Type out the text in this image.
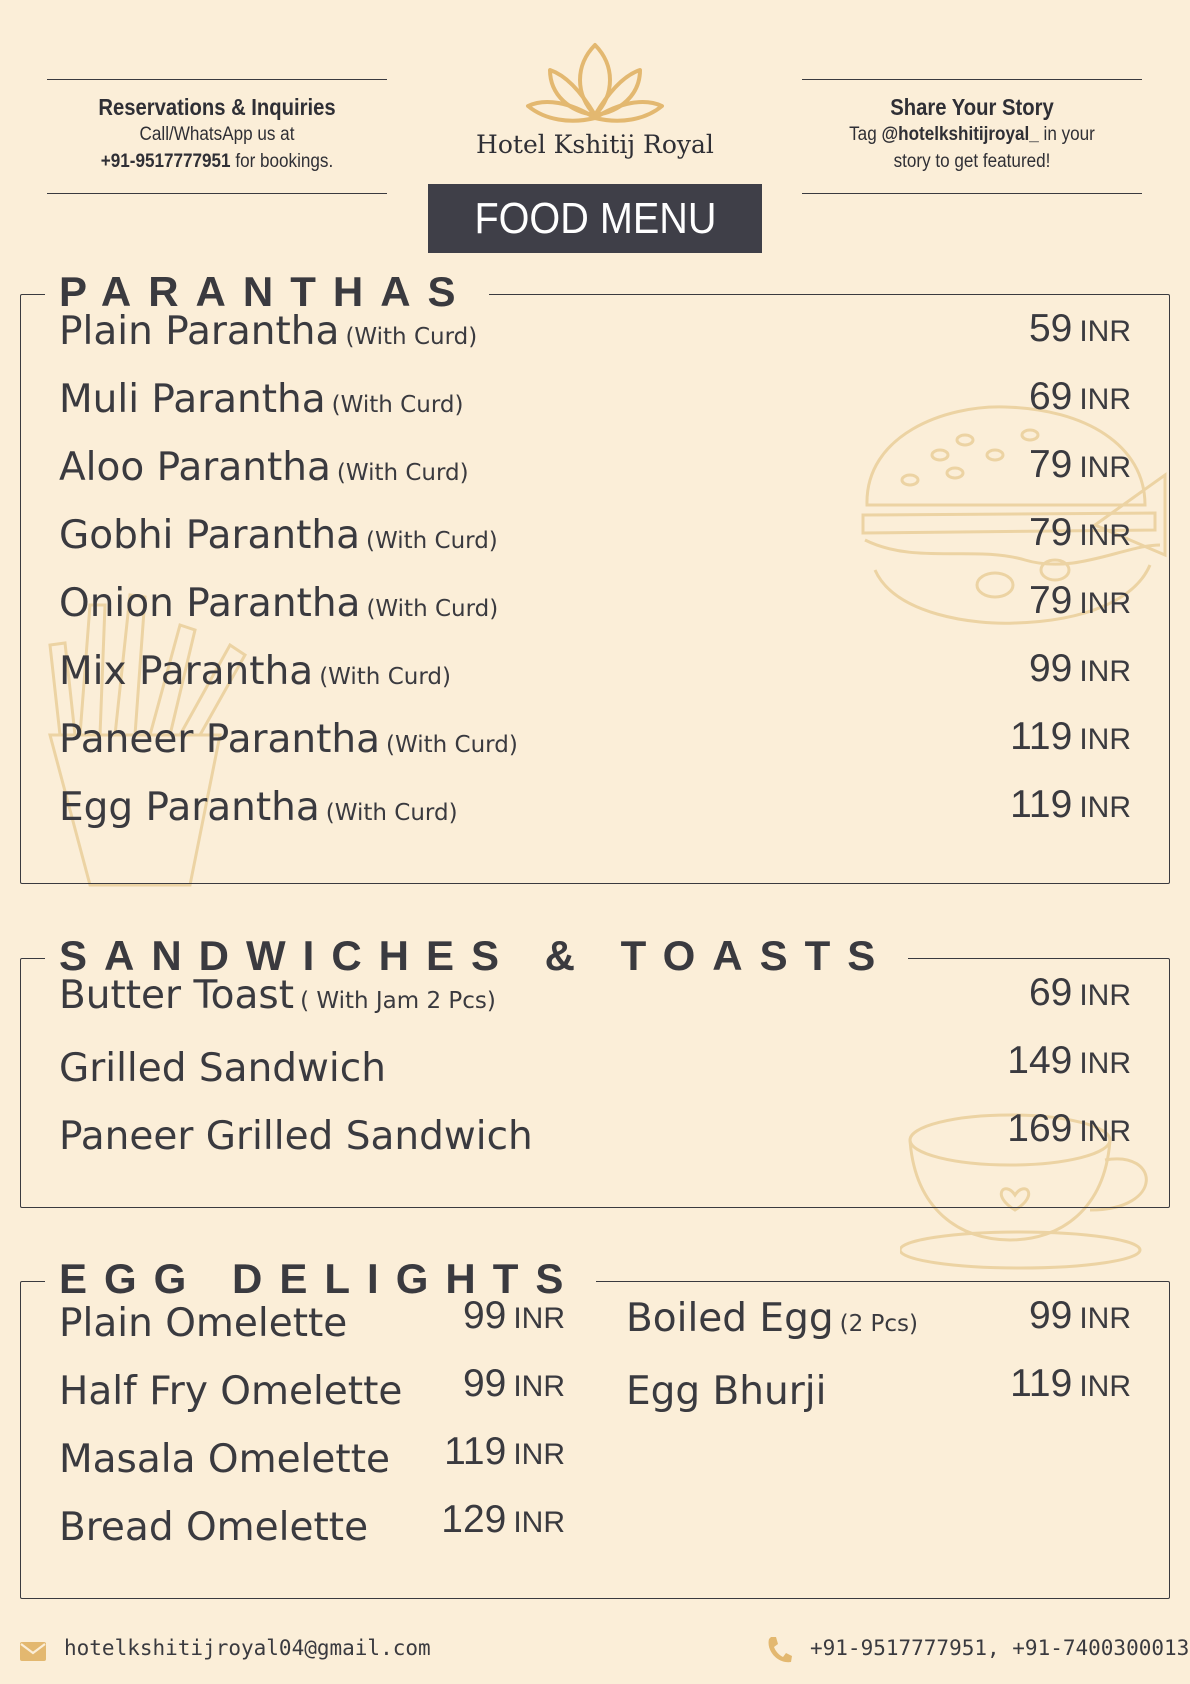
Reservations & Inquiries
Call/WhatsApp us at
+91-9517777951 for bookings.
Hotel Kshitij Royal
Share Your Story
Tag @hotelkshitijroyal_ in your
story to get featured!
FOOD MENU
PARANTHAS
Plain Parantha (With Curd)	59 INR
Muli Parantha (With Curd)	69 INR
Aloo Parantha (With Curd)	79 INR
Gobhi Parantha (With Curd)	79 INR
Onion Parantha (With Curd)	79 INR
Mix Parantha (With Curd)	99 INR
Paneer Parantha (With Curd)	119 INR
Egg Parantha (With Curd)	119 INR
SANDWICHES & TOASTS
Butter Toast ( With Jam 2 Pcs)	69 INR
Grilled Sandwich	149 INR
Paneer Grilled Sandwich	169 INR
EGG DELIGHTS
Plain Omelette	99 INR
Half Fry Omelette 99 INR
Masala Omelette 119 INR
Bread Omelette 129 INR
Boiled Egg (2 Pcs)	99 INR
Egg Bhurji	119 INR
hotelkshitijroyal04@gmail.com	+91-9517777951, +91-7400300013
